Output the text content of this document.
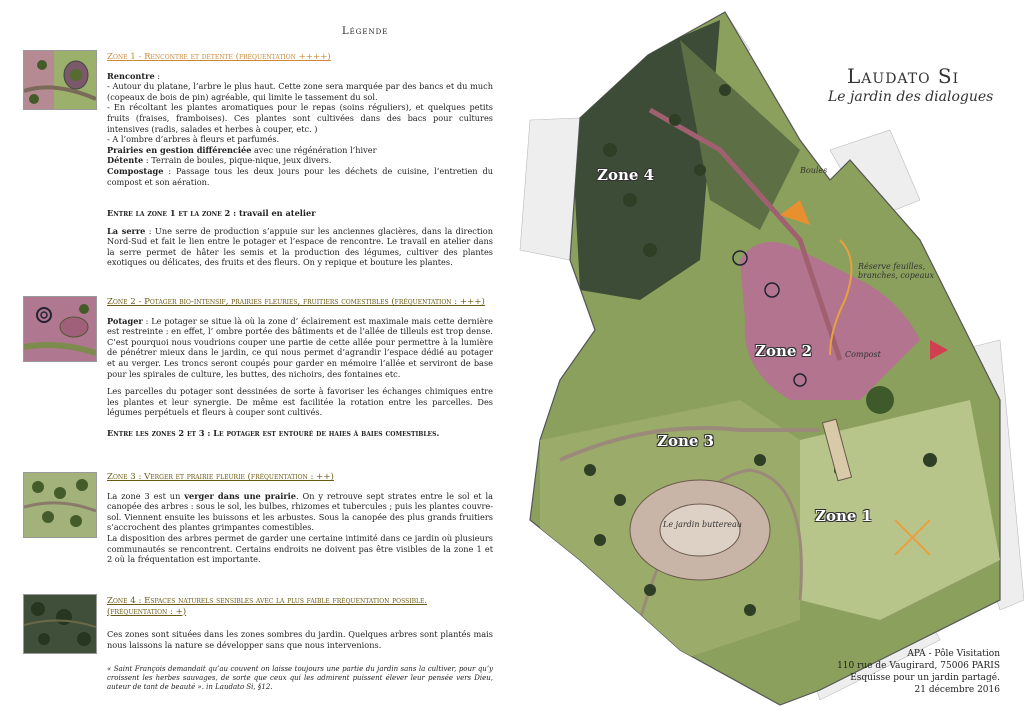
Légende
Zone 1 - Rencontre et détente (fréquentation ++++)

Rencontre :
- Autour du platane, l’arbre le plus haut. Cette zone sera marquée par des bancs et du much (copeaux de bois de pin) agréable, qui limite le tassement du sol.
- En récoltant les plantes aromatiques pour le repas (soins réguliers), et quelques petits fruits (fraises, framboises). Ces plantes sont cultivées dans des bacs pour cultures intensives (radis, salades et herbes à couper, etc. )
- A l’ombre d’arbres à fleurs et parfumés.
Prairies en gestion différenciée avec une régénération l’hiver
Détente : Terrain de boules, pique-nique, jeux divers.
Compostage : Passage tous les deux jours pour les déchets de cuisine, l’entretien du compost et son aération.

Entre la zone 1 et la zone 2 : travail en atelier

La serre : Une serre de production s’appuie sur les anciennes glacières, dans la direction Nord-Sud et fait le lien entre le potager et l’espace de rencontre. Le travail en atelier dans la serre permet de hâter les semis et la production des légumes, cultiver des plantes exotiques ou délicates, des fruits et des fleurs. On y repique et bouture les plantes.

Zone 2 - Potager bio-intensif, prairies fleuries, fruitiers comestibles (fréquentation : +++)

Potager : Le potager se situe là où la zone d’ éclairement est maximale mais cette dernière est restreinte : en effet, l’ ombre portée des bâtiments et de l’allée de tilleuls est trop dense. C’est pourquoi nous voudrions couper une partie de cette allée pour permettre à la lumière de pénétrer mieux dans le jardin, ce qui nous permet d’agrandir l’espace dédié au potager et au verger. Les troncs seront coupés pour garder en mémoire l’allée et serviront de base pour les spirales de culture, les buttes, des nichoirs, des fontaines etc.

Les parcelles du potager sont dessinées de sorte à favoriser les échanges chimiques entre les plantes et leur synergie. De même est facilitée la rotation entre les parcelles. Des légumes perpétuels et fleurs à couper sont cultivés.

Entre les zones 2 et 3 : Le potager est entouré de haies à baies comestibles.

Zone 3 : Verger et prairie fleurie (fréquentation : ++)

La zone 3 est un verger dans une prairie. On y retrouve sept strates entre le sol et la canopée des arbres : sous le sol, les bulbes, rhizomes et tubercules ; puis les plantes couvre-sol. Viennent ensuite les buissons et les arbustes. Sous la canopée des plus grands fruitiers s’accrochent des plantes grimpantes comestibles.

La disposition des arbres permet de garder une certaine intimité dans ce jardin où plusieurs communautés se rencontrent. Certains endroits ne doivent pas être visibles de la zone 1 et 2 où la fréquentation est importante.

Zone 4 : Espaces naturels sensibles avec la plus faible fréquentation possible.
(fréquentation : +)

Ces zones sont situées dans les zones sombres du jardin. Quelques arbres sont plantés mais nous laissons la nature se développer sans que nous intervenions.

« Saint François demandait qu’au couvent on laisse toujours une partie du jardin sans la cultiver, pour qu’y croissent les herbes sauvages, de sorte que ceux qui les admirent puissent élever leur pensée vers Dieu, auteur de tant de beauté ». in Laudato Si, §12.
Laudato Si
Le jardin des dialogues
Zone 4
Zone 2
Zone 3
Zone 1
Boules
Réserve feuilles, branches, copeaux
Compost
Le jardin buttereau
APA - Pôle Visitation
110 rue de Vaugirard, 75006 PARIS
Esquisse pour un jardin partagé.
21 décembre 2016
